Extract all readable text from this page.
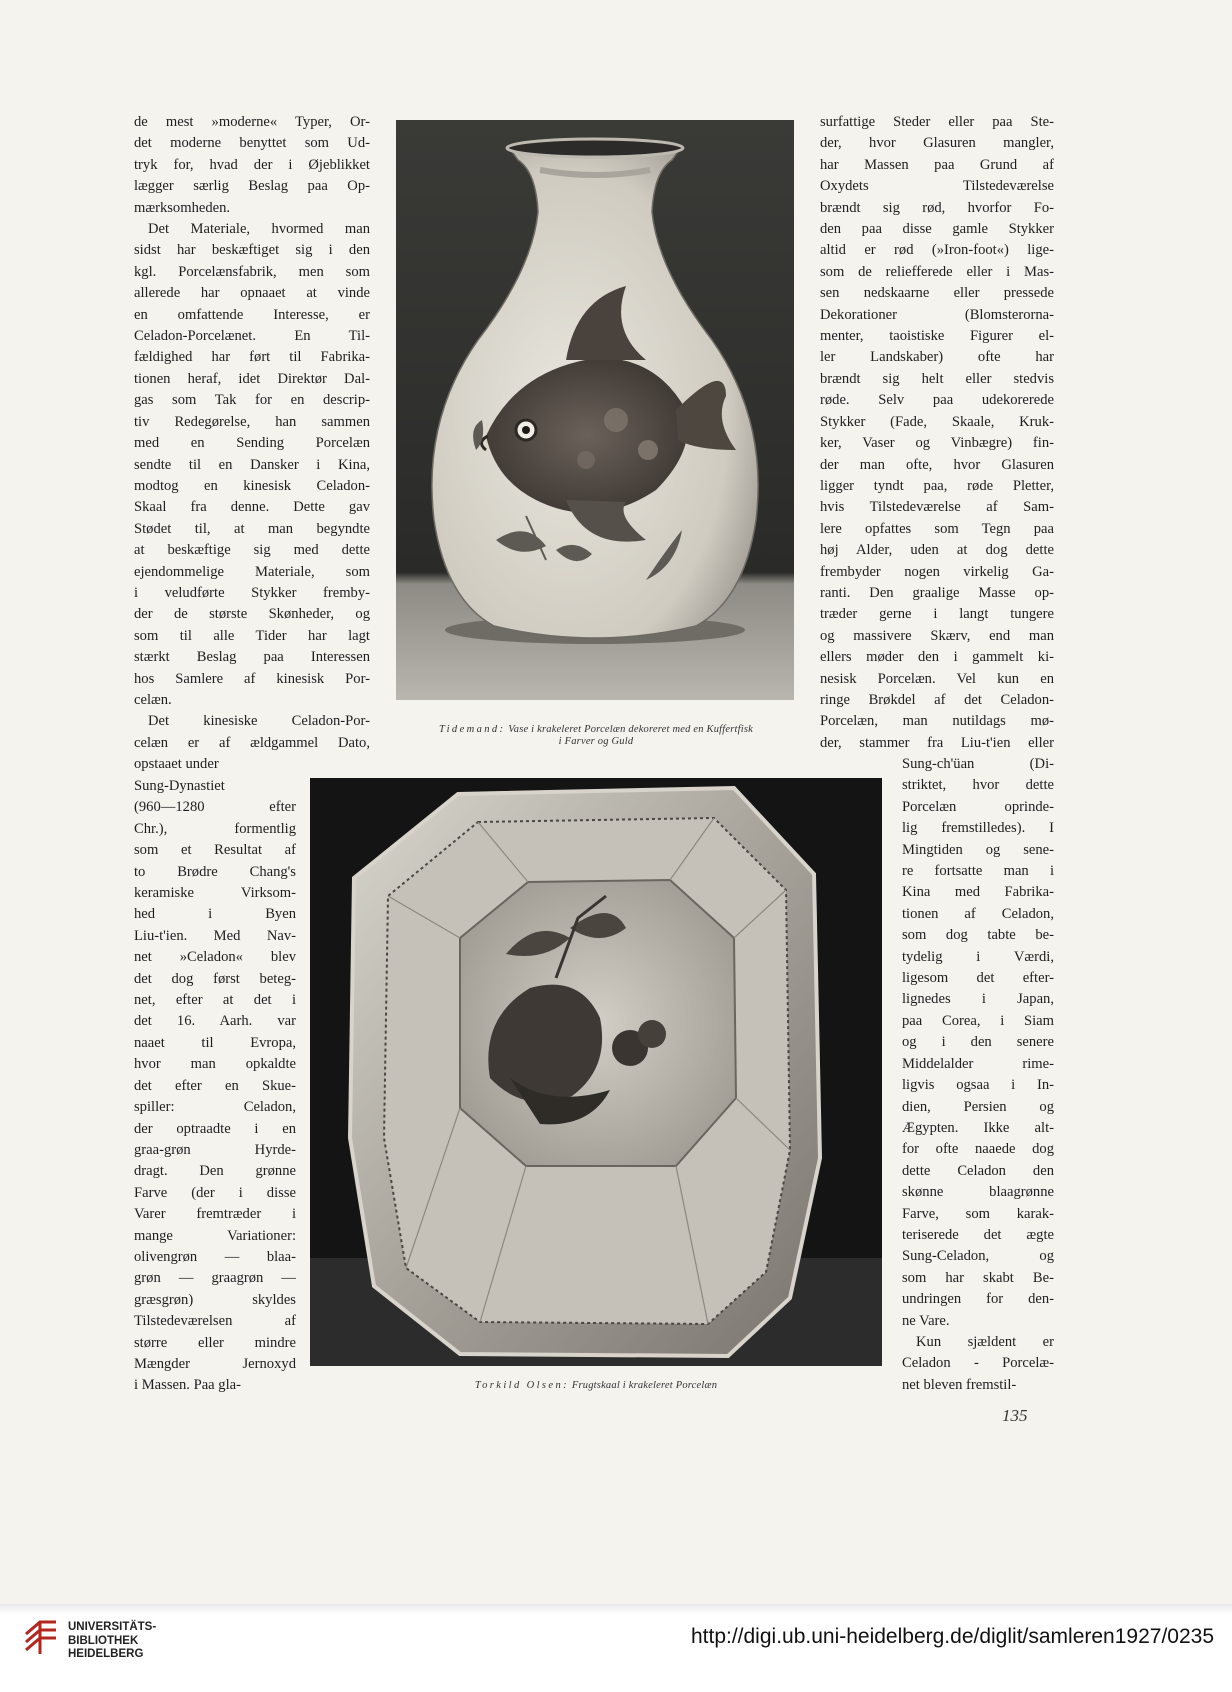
de mest »moderne« Typer, Or-
det moderne benyttet som Ud-
tryk for, hvad der i Øjeblikket
lægger særlig Beslag paa Op-
mærksomheden.
Det Materiale, hvormed man
sidst har beskæftiget sig i den
kgl. Porcelænsfabrik, men som
allerede har opnaaet at vinde
en omfattende Interesse, er
Celadon-Porcelænet. En Til-
fældighed har ført til Fabrika-
tionen heraf, idet Direktør Dal-
gas som Tak for en descrip-
tiv Redegørelse, han sammen
med en Sending Porcelæn
sendte til en Dansker i Kina,
modtog en kinesisk Celadon-
Skaal fra denne. Dette gav
Stødet til, at man begyndte
at beskæftige sig med dette
ejendommelige Materiale, som
i veludførte Stykker fremby-
der de største Skønheder, og
som til alle Tider har lagt
stærkt Beslag paa Interessen
hos Samlere af kinesisk Por-
celæn.
Det kinesiske Celadon-Por-
celæn er af ældgammel Dato,
opstaaet under
Sung-Dynastiet
(960—1280 efter
Chr.), formentlig
som et Resultat af
to Brødre Chang's
keramiske Virksom-
hed i Byen
Liu-t'ien. Med Nav-
net »Celadon« blev
det dog først beteg-
net, efter at det i
det 16. Aarh. var
naaet til Evropa,
hvor man opkaldte
det efter en Skue-
spiller: Celadon,
der optraadte i en
graa-grøn Hyrde-
dragt. Den grønne
Farve (der i disse
Varer fremtræder i
mange Variationer:
olivengrøn — blaa-
grøn — graagrøn —
græsgrøn) skyldes
Tilstedeværelsen af
større eller mindre
Mængder Jernoxyd
i Massen. Paa gla-
surfattige Steder eller paa Ste-
der, hvor Glasuren mangler,
har Massen paa Grund af
Oxydets Tilstedeværelse
brændt sig rød, hvorfor Fo-
den paa disse gamle Stykker
altid er rød (»Iron-foot«) lige-
som de reliefferede eller i Mas-
sen nedskaarne eller pressede
Dekorationer (Blomsterorna-
menter, taoistiske Figurer el-
ler Landskaber) ofte har
brændt sig helt eller stedvis
røde. Selv paa udekorerede
Stykker (Fade, Skaale, Kruk-
ker, Vaser og Vinbægre) fin-
der man ofte, hvor Glasuren
ligger tyndt paa, røde Pletter,
hvis Tilstedeværelse af Sam-
lere opfattes som Tegn paa
høj Alder, uden at dog dette
frembyder nogen virkelig Ga-
ranti. Den graalige Masse op-
træder gerne i langt tungere
og massivere Skærv, end man
ellers møder den i gammelt ki-
nesisk Porcelæn. Vel kun en
ringe Brøkdel af det Celadon-
Porcelæn, man nutildags mø-
der, stammer fra Liu-t'ien eller
Sung-ch'üan (Di-
striktet, hvor dette
Porcelæn oprinde-
lig fremstilledes). I
Mingtiden og sene-
re fortsatte man i
Kina med Fabrika-
tionen af Celadon,
som dog tabte be-
tydelig i Værdi,
ligesom det efter-
lignedes i Japan,
paa Corea, i Siam
og i den senere
Middelalder rime-
ligvis ogsaa i In-
dien, Persien og
Ægypten. Ikke alt-
for ofte naaede dog
dette Celadon den
skønne blaagrønne
Farve, som karak-
teriserede det ægte
Sung-Celadon, og
som har skabt Be-
undringen for den-
ne Vare.
Kun sjældent er
Celadon - Porcelæ-
net bleven fremstil-
Tidemand: Vase i krakeleret Porcelæn dekoreret med en Kuffertfisk
i Farver og Guld
Torkild Olsen: Frugtskaal i krakeleret Porcelæn
135
UNIVERSITÄTS-
BIBLIOTHEK
HEIDELBERG
http://digi.ub.uni-heidelberg.de/diglit/samleren1927/0235
